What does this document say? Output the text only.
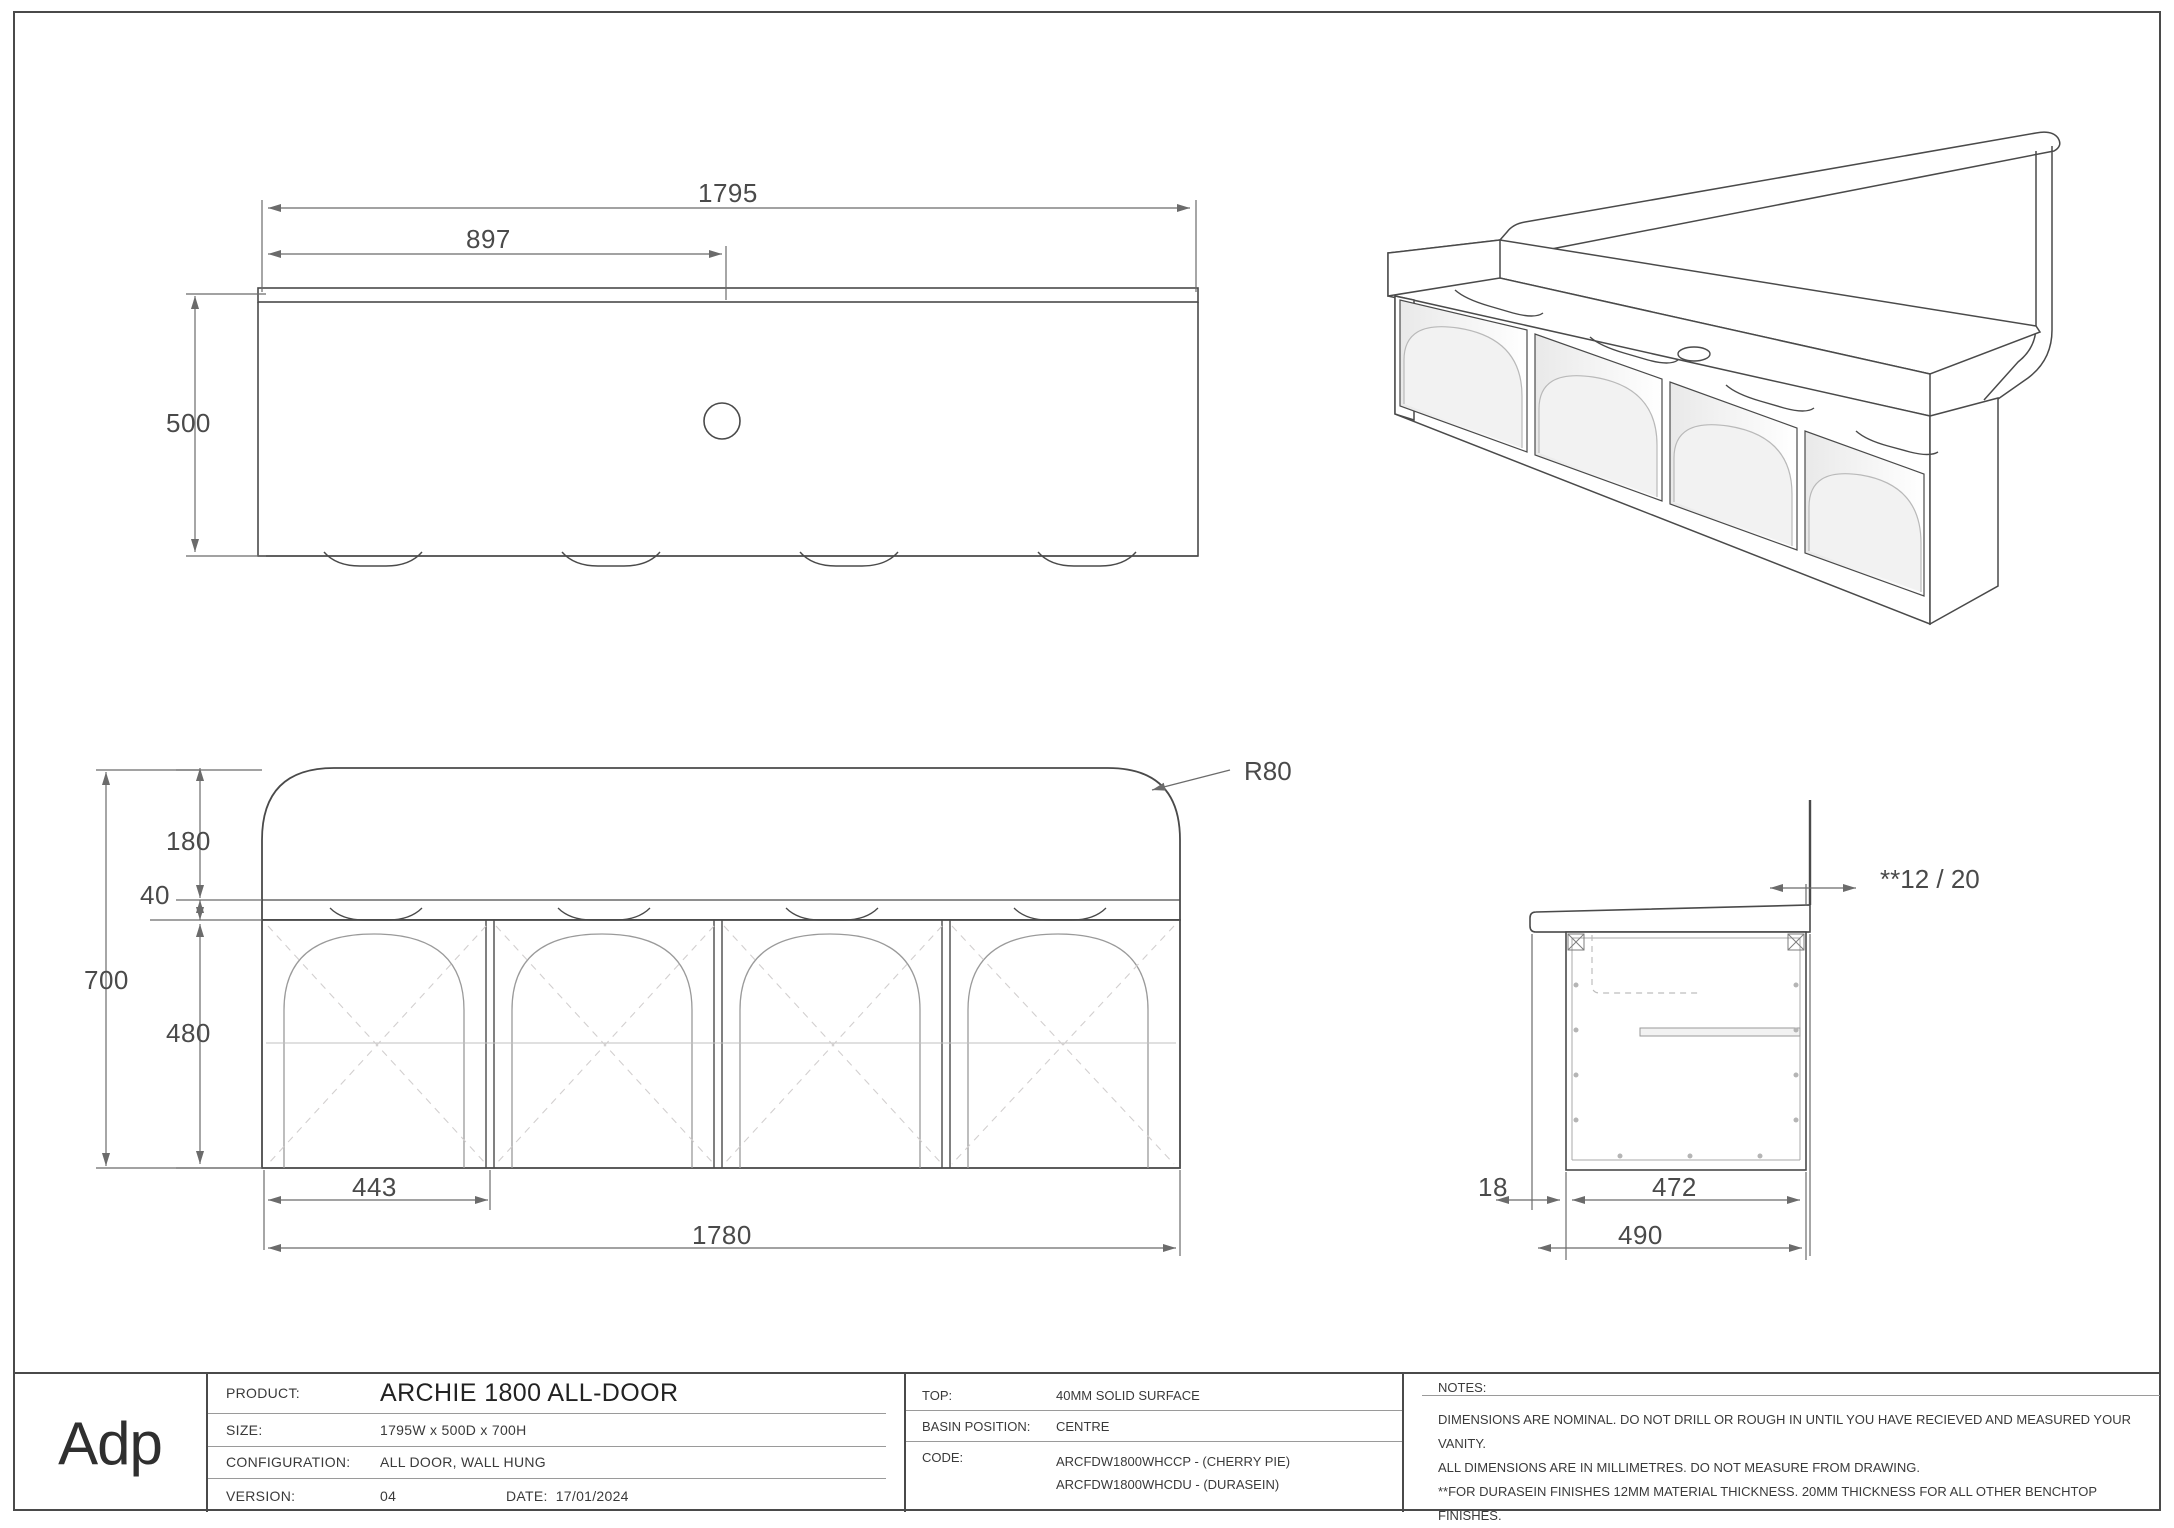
1795
897
500
R80
180
40
700
480
443
1780
**12 / 20
18	472
490
Adp
PRODUCT:	ARCHIE 1800 ALL-DOOR
SIZE:	1795W x 500D x 700H
CONFIGURATION:	ALL DOOR, WALL HUNG
VERSION:	04	DATE: 17/01/2024
TOP:	40MM SOLID SURFACE
BASIN POSITION:	CENTRE
CODE:	ARCFDW1800WHCCP - (CHERRY PIE)
ARCFDW1800WHCDU - (DURASEIN)
NOTES:
DIMENSIONS ARE NOMINAL. DO NOT DRILL OR ROUGH IN UNTIL YOU HAVE RECIEVED AND MEASURED YOUR VANITY.
ALL DIMENSIONS ARE IN MILLIMETRES. DO NOT MEASURE FROM DRAWING.
**FOR DURASEIN FINISHES 12MM MATERIAL THICKNESS. 20MM THICKNESS FOR ALL OTHER BENCHTOP FINISHES.
